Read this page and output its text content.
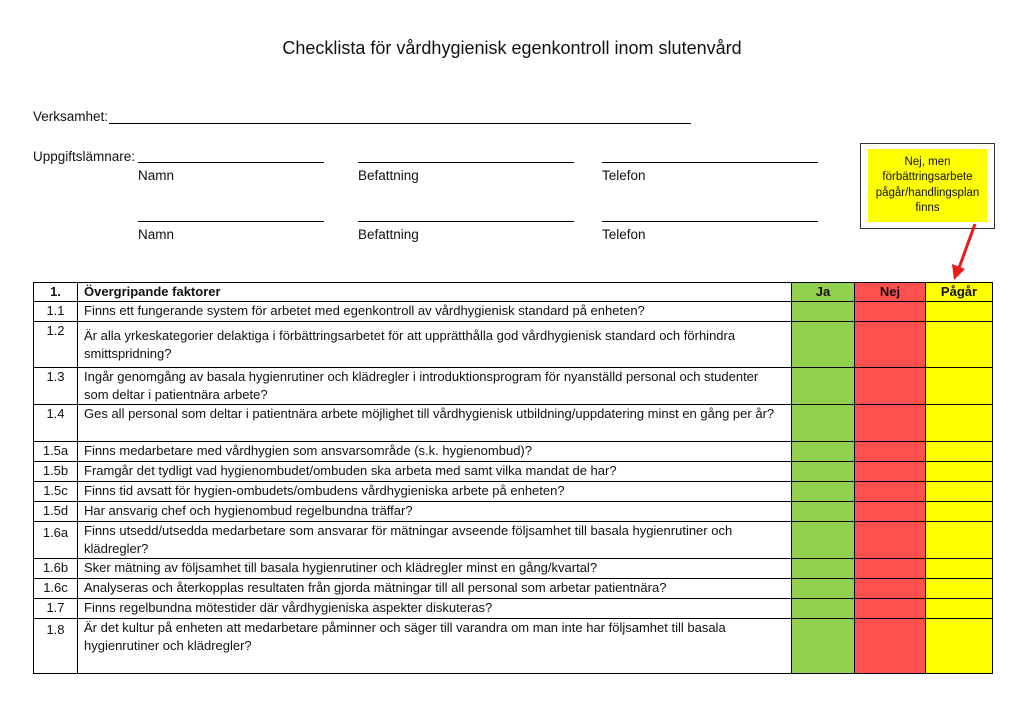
Checklista för vårdhygienisk egenkontroll inom slutenvård
Verksamhet:
Uppgiftslämnare:
Namn	Befattning	Telefon
Namn	Befattning	Telefon
Nej, men förbättringsarbete pågår/handlingsplan finns
1.	Övergripande faktorer	Ja	Nej	Pågår
1.1	Finns ett fungerande system för arbetet med egenkontroll av vårdhygienisk standard på enheten?			
1.2	Är alla yrkeskategorier delaktiga i förbättringsarbetet för att upprätthålla god vårdhygienisk standard och förhindra smittspridning?			
1.3	Ingår genomgång av basala hygienrutiner och klädregler i introduktionsprogram för nyanställd personal och studenter som deltar i patientnära arbete?			
1.4	Ges all personal som deltar i patientnära arbete möjlighet till vårdhygienisk utbildning/uppdatering minst en gång per år?			
1.5a	Finns medarbetare med vårdhygien som ansvarsområde (s.k. hygienombud)?			
1.5b	Framgår det tydligt vad hygienombudet/ombuden ska arbeta med samt vilka mandat de har?			
1.5c	Finns tid avsatt för hygien-ombudets/ombudens vårdhygieniska arbete på enheten?			
1.5d	Har ansvarig chef och hygienombud regelbundna träffar?			
1.6a	Finns utsedd/utsedda medarbetare som ansvarar för mätningar avseende följsamhet till basala hygienrutiner och klädregler?			
1.6b	Sker mätning av följsamhet till basala hygienrutiner och klädregler minst en gång/kvartal?			
1.6c	Analyseras och återkopplas resultaten från gjorda mätningar till all personal som arbetar patientnära?			
1.7	Finns regelbundna mötestider där vårdhygieniska aspekter diskuteras?			
1.8	Är det kultur på enheten att medarbetare påminner och säger till varandra om man inte har följsamhet till basala hygienrutiner och klädregler?			
